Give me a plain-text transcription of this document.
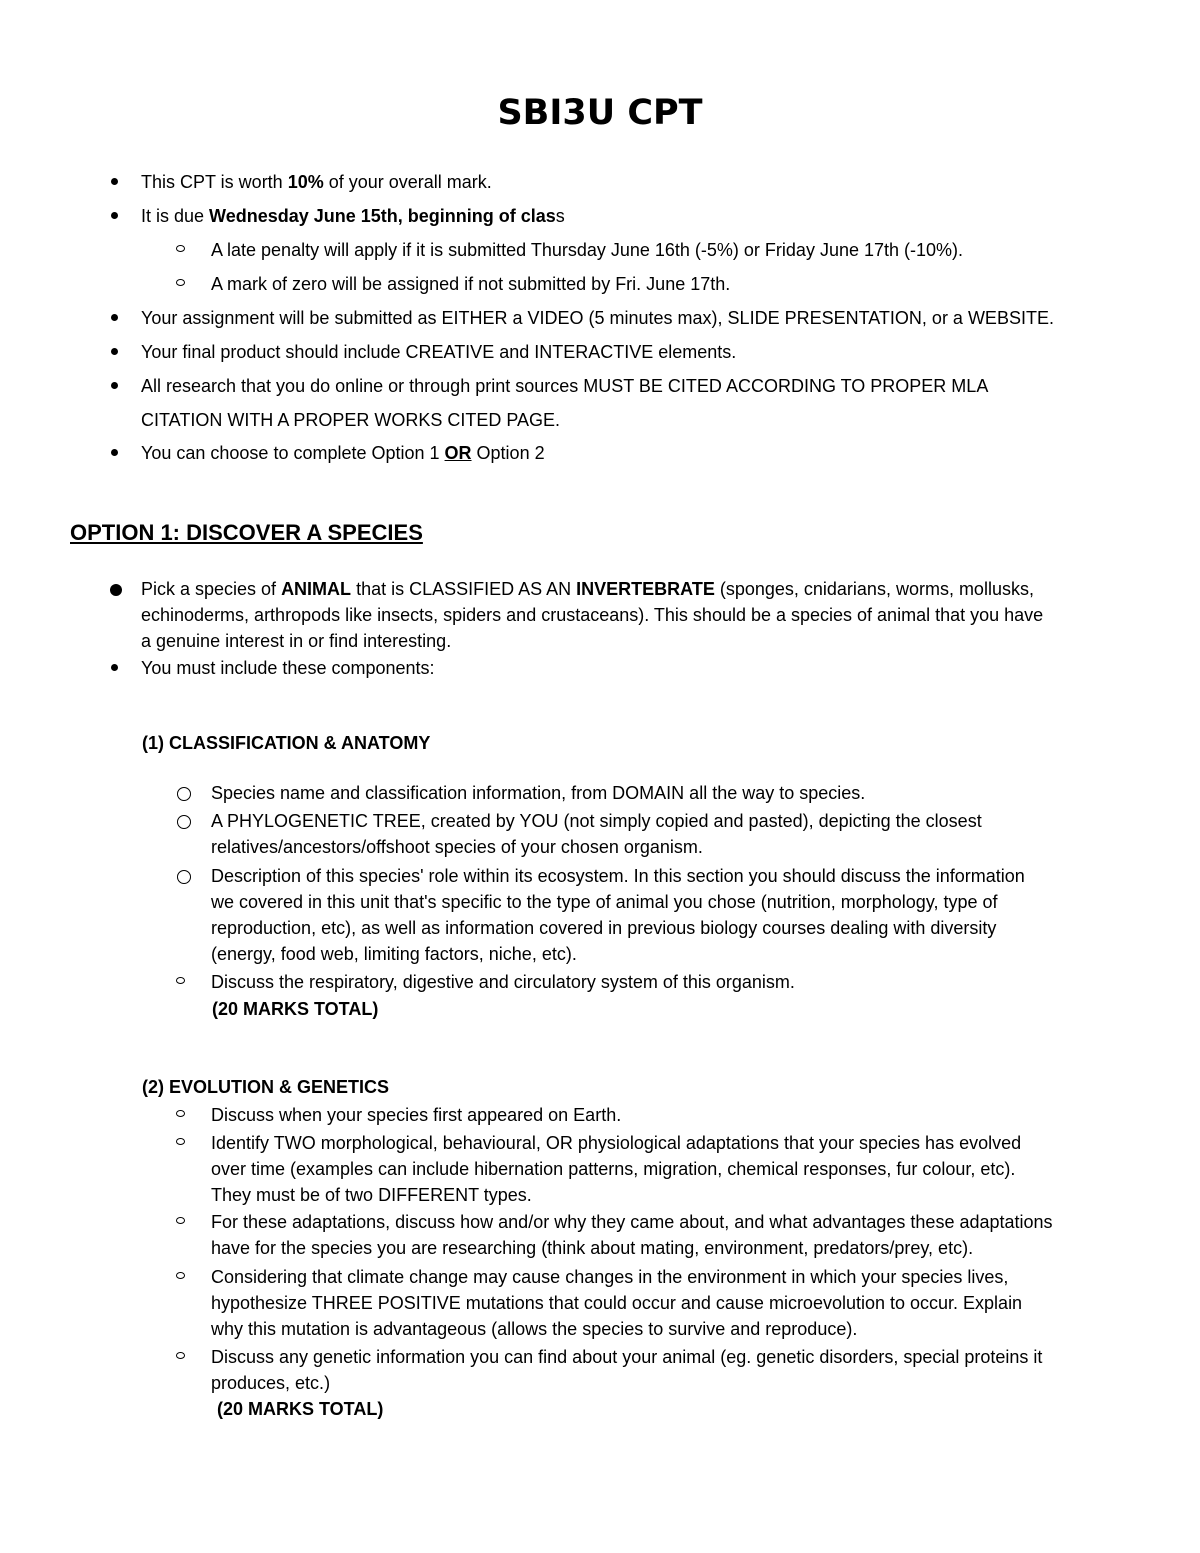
SBI3U CPT
This CPT is worth 10% of your overall mark.
It is due Wednesday June 15th, beginning of class
A late penalty will apply if it is submitted Thursday June 16th (-5%) or Friday June 17th (-10%).
A mark of zero will be assigned if not submitted by Fri. June 17th.
Your assignment will be submitted as EITHER a VIDEO (5 minutes max), SLIDE PRESENTATION, or a WEBSITE.
Your final product should include CREATIVE and INTERACTIVE elements.
All research that you do online or through print sources MUST BE CITED ACCORDING TO PROPER MLA
CITATION WITH A PROPER WORKS CITED PAGE.
You can choose to complete Option 1 OR Option 2
OPTION 1: DISCOVER A SPECIES
Pick a species of ANIMAL that is CLASSIFIED AS AN INVERTEBRATE (sponges, cnidarians, worms, mollusks,
echinoderms, arthropods like insects, spiders and crustaceans). This should be a species of animal that you have
a genuine interest in or find interesting.
You must include these components:
(1) CLASSIFICATION & ANATOMY
Species name and classification information, from DOMAIN all the way to species.
A PHYLOGENETIC TREE, created by YOU (not simply copied and pasted), depicting the closest
relatives/ancestors/offshoot species of your chosen organism.
Description of this species' role within its ecosystem. In this section you should discuss the information
we covered in this unit that's specific to the type of animal you chose (nutrition, morphology, type of
reproduction, etc), as well as information covered in previous biology courses dealing with diversity
(energy, food web, limiting factors, niche, etc).
Discuss the respiratory, digestive and circulatory system of this organism.
(20 MARKS TOTAL)
(2) EVOLUTION & GENETICS
Discuss when your species first appeared on Earth.
Identify TWO morphological, behavioural, OR physiological adaptations that your species has evolved
over time (examples can include hibernation patterns, migration, chemical responses, fur colour, etc).
They must be of two DIFFERENT types.
For these adaptations, discuss how and/or why they came about, and what advantages these adaptations
have for the species you are researching (think about mating, environment, predators/prey, etc).
Considering that climate change may cause changes in the environment in which your species lives,
hypothesize THREE POSITIVE mutations that could occur and cause microevolution to occur. Explain
why this mutation is advantageous (allows the species to survive and reproduce).
Discuss any genetic information you can find about your animal (eg. genetic disorders, special proteins it
produces, etc.)
(20 MARKS TOTAL)
